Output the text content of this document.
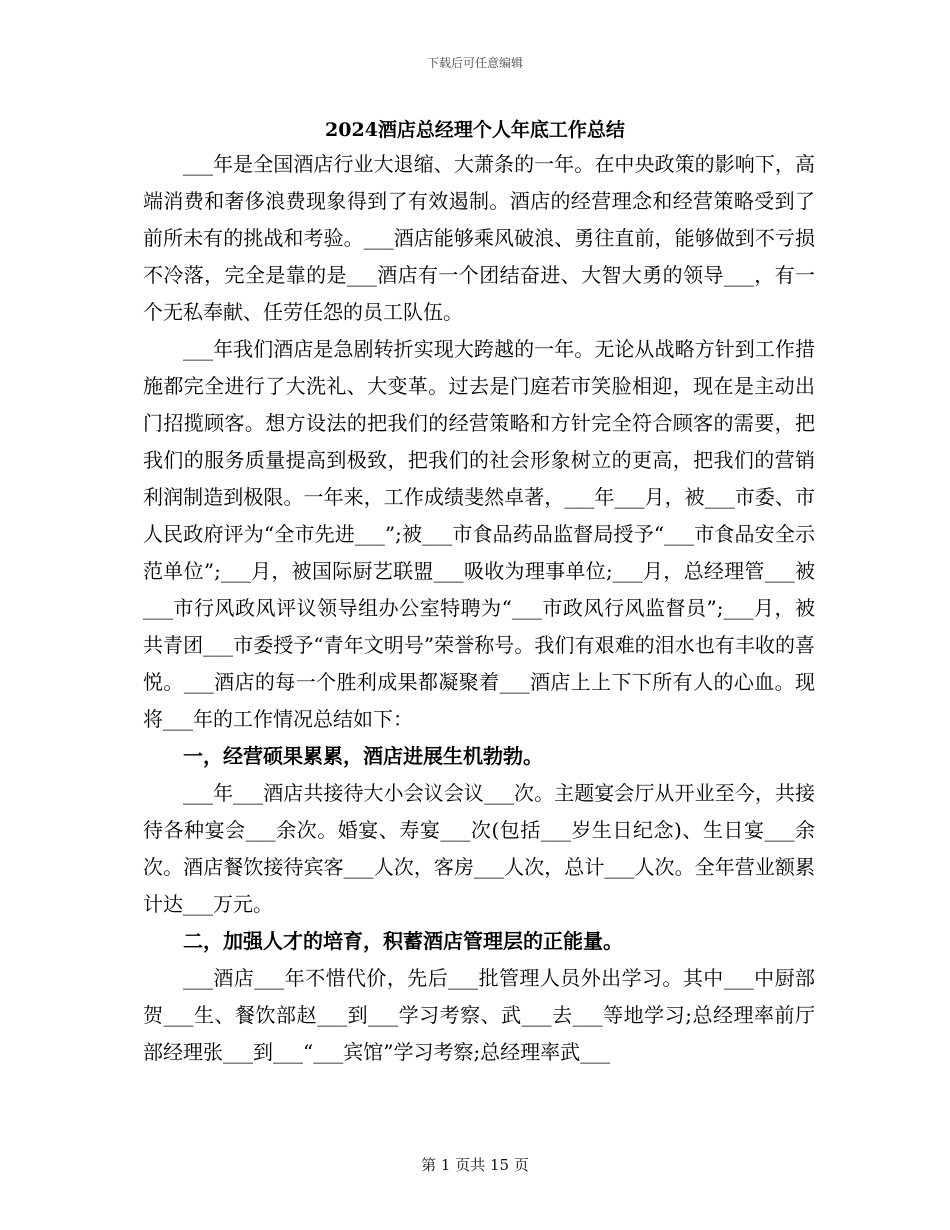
下载后可任意编辑
2024酒店总经理个人年底工作总结

___年是全国酒店行业大退缩、大萧条的一年。在中央政策的影响下，高端消费和奢侈浪费现象得到了有效遏制。酒店的经营理念和经营策略受到了前所未有的挑战和考验。___酒店能够乘风破浪、勇往直前，能够做到不亏损不冷落，完全是靠的是___酒店有一个团结奋进、大智大勇的领导___，有一个无私奉献、任劳任怨的员工队伍。

___年我们酒店是急剧转折实现大跨越的一年。无论从战略方针到工作措施都完全进行了大洗礼、大变革。过去是门庭若市笑脸相迎，现在是主动出门招揽顾客。想方设法的把我们的经营策略和方针完全符合顾客的需要，把我们的服务质量提高到极致，把我们的社会形象树立的更高，把我们的营销利润制造到极限。一年来，工作成绩斐然卓著，___年___月，被___市委、市人民政府评为“全市先进___”;被___市食品药品监督局授予“___市食品安全示范单位”;___月，被国际厨艺联盟___吸收为理事单位;___月，总经理管___被___市行风政风评议领导组办公室特聘为“___市政风行风监督员”;___月，被共青团___市委授予“青年文明号”荣誉称号。我们有艰难的泪水也有丰收的喜悦。___酒店的每一个胜利成果都凝聚着___酒店上上下下所有人的心血。现将___年的工作情况总结如下：

一，经营硕果累累，酒店进展生机勃勃。

___年___酒店共接待大小会议会议___次。主题宴会厅从开业至今，共接待各种宴会___余次。婚宴、寿宴___次(包括___岁生日纪念)、生日宴___余次。酒店餐饮接待宾客___人次，客房___人次，总计___人次。全年营业额累计达___万元。

二，加强人才的培育，积蓄酒店管理层的正能量。

___酒店___年不惜代价，先后___批管理人员外出学习。其中___中厨部贺___生、餐饮部赵___到___学习考察、武___去___等地学习;总经理率前厅部经理张___到___“___宾馆”学习考察;总经理率武___

第 1 页共 15 页
